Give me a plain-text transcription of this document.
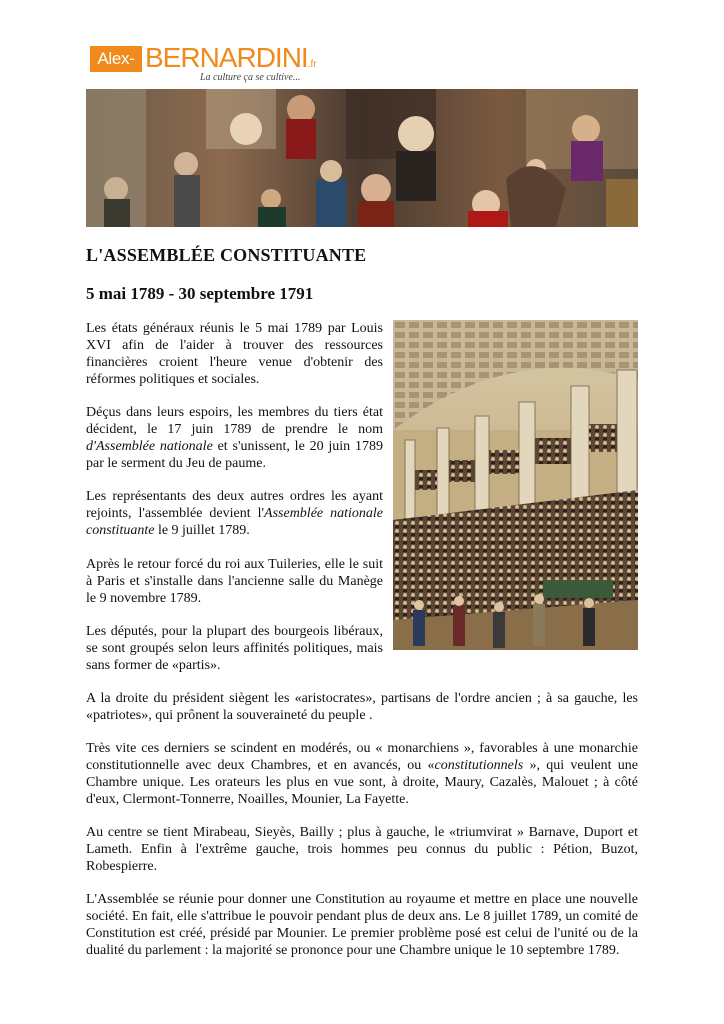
Alex- BERNARDINI.fr
La culture ça se cultive...
L'ASSEMBLÉE CONSTITUANTE
5 mai 1789 - 30 septembre 1791

Les états généraux réunis le 5 mai 1789 par Louis XVI afin de l'aider à trouver des ressources financières croient l'heure venue d'obtenir des réformes politiques et sociales.

Déçus dans leurs espoirs, les membres du tiers état décident, le 17 juin 1789 de prendre le nom d'Assemblée nationale et s'unissent, le 20 juin 1789 par le serment du Jeu de paume.

Les représentants des deux autres ordres les ayant rejoints, l'assemblée devient l'Assemblée nationale constituante le 9 juillet 1789.

Après le retour forcé du roi aux Tuileries, elle le suit à Paris et s'installe dans l'ancienne salle du Manège le 9 novembre 1789.

Les députés, pour la plupart des bourgeois libéraux, se sont groupés selon leurs affinités politiques, mais sans former de «partis».

A la droite du président siègent les «aristocrates», partisans de l'ordre ancien ; à sa gauche, les «patriotes», qui prônent la souveraineté du peuple .

Très vite ces derniers se scindent en modérés, ou « monarchiens », favorables à une monarchie constitutionnelle avec deux Chambres, et en avancés, ou «constitutionnels », qui veulent une Chambre unique. Les orateurs les plus en vue sont, à droite, Maury, Cazalès, Malouet ; à côté d'eux, Clermont-Tonnerre, Noailles, Mounier, La Fayette.

Au centre se tient Mirabeau, Sieyès, Bailly ; plus à gauche, le «triumvirat » Barnave, Duport et Lameth. Enfin à l'extrême gauche, trois hommes peu connus du public : Pétion, Buzot, Robespierre.

L'Assemblée se réunie pour donner une Constitution au royaume et mettre en place une nouvelle société. En fait, elle s'attribue le pouvoir pendant plus de deux ans. Le 8 juillet 1789, un comité de Constitution est créé, présidé par Mounier. Le premier problème posé est celui de l'unité ou de la dualité du parlement : la majorité se prononce pour une Chambre unique le 10 septembre 1789.
